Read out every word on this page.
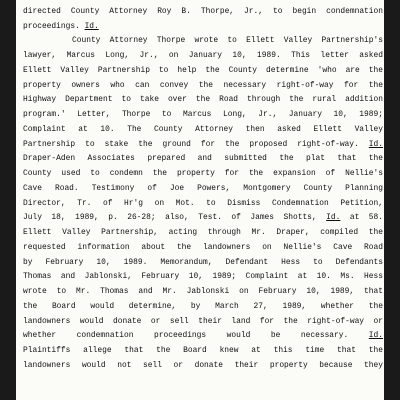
directed County Attorney Roy B. Thorpe, Jr., to begin condemnation
proceedings. Id.
County Attorney Thorpe wrote to Ellett Valley Partnership's
lawyer, Marcus Long, Jr., on January 10, 1989. This letter asked
Ellett Valley Partnership to help the County determine 'who are the
property owners who can convey the necessary right-of-way for the
Highway Department to take over the Road through the rural addition
program.' Letter, Thorpe to Marcus Long, Jr., January 10, 1989;
Complaint at 10. The County Attorney then asked Ellett Valley
Partnership to stake the ground for the proposed right-of-way. Id.
Draper-Aden Associates prepared and submitted the plat that the
County used to condemn the property for the expansion of Nellie's
Cave Road. Testimony of Joe Powers, Montgomery County Planning
Director, Tr. of Hr'g on Mot. to Dismiss Condemnation Petition,
July 18, 1989, p. 26-28; also, Test. of James Shotts, Id. at 58.
Ellett Valley Partnership, acting through Mr. Draper, compiled the
requested information about the landowners on Nellie's Cave Road
by February 10, 1989. Memorandum, Defendant Hess to Defendants
Thomas and Jablonski, February 10, 1989; Complaint at 10. Ms. Hess
wrote to Mr. Thomas and Mr. Jablonski on February 10, 1989, that
the Board would determine, by March 27, 1989, whether the
landowners would donate or sell their land for the right-of-way or
whether condemnation proceedings would be necessary. Id.
Plaintiffs allege that the Board knew at this time that the
landowners would not sell or donate their property because they
